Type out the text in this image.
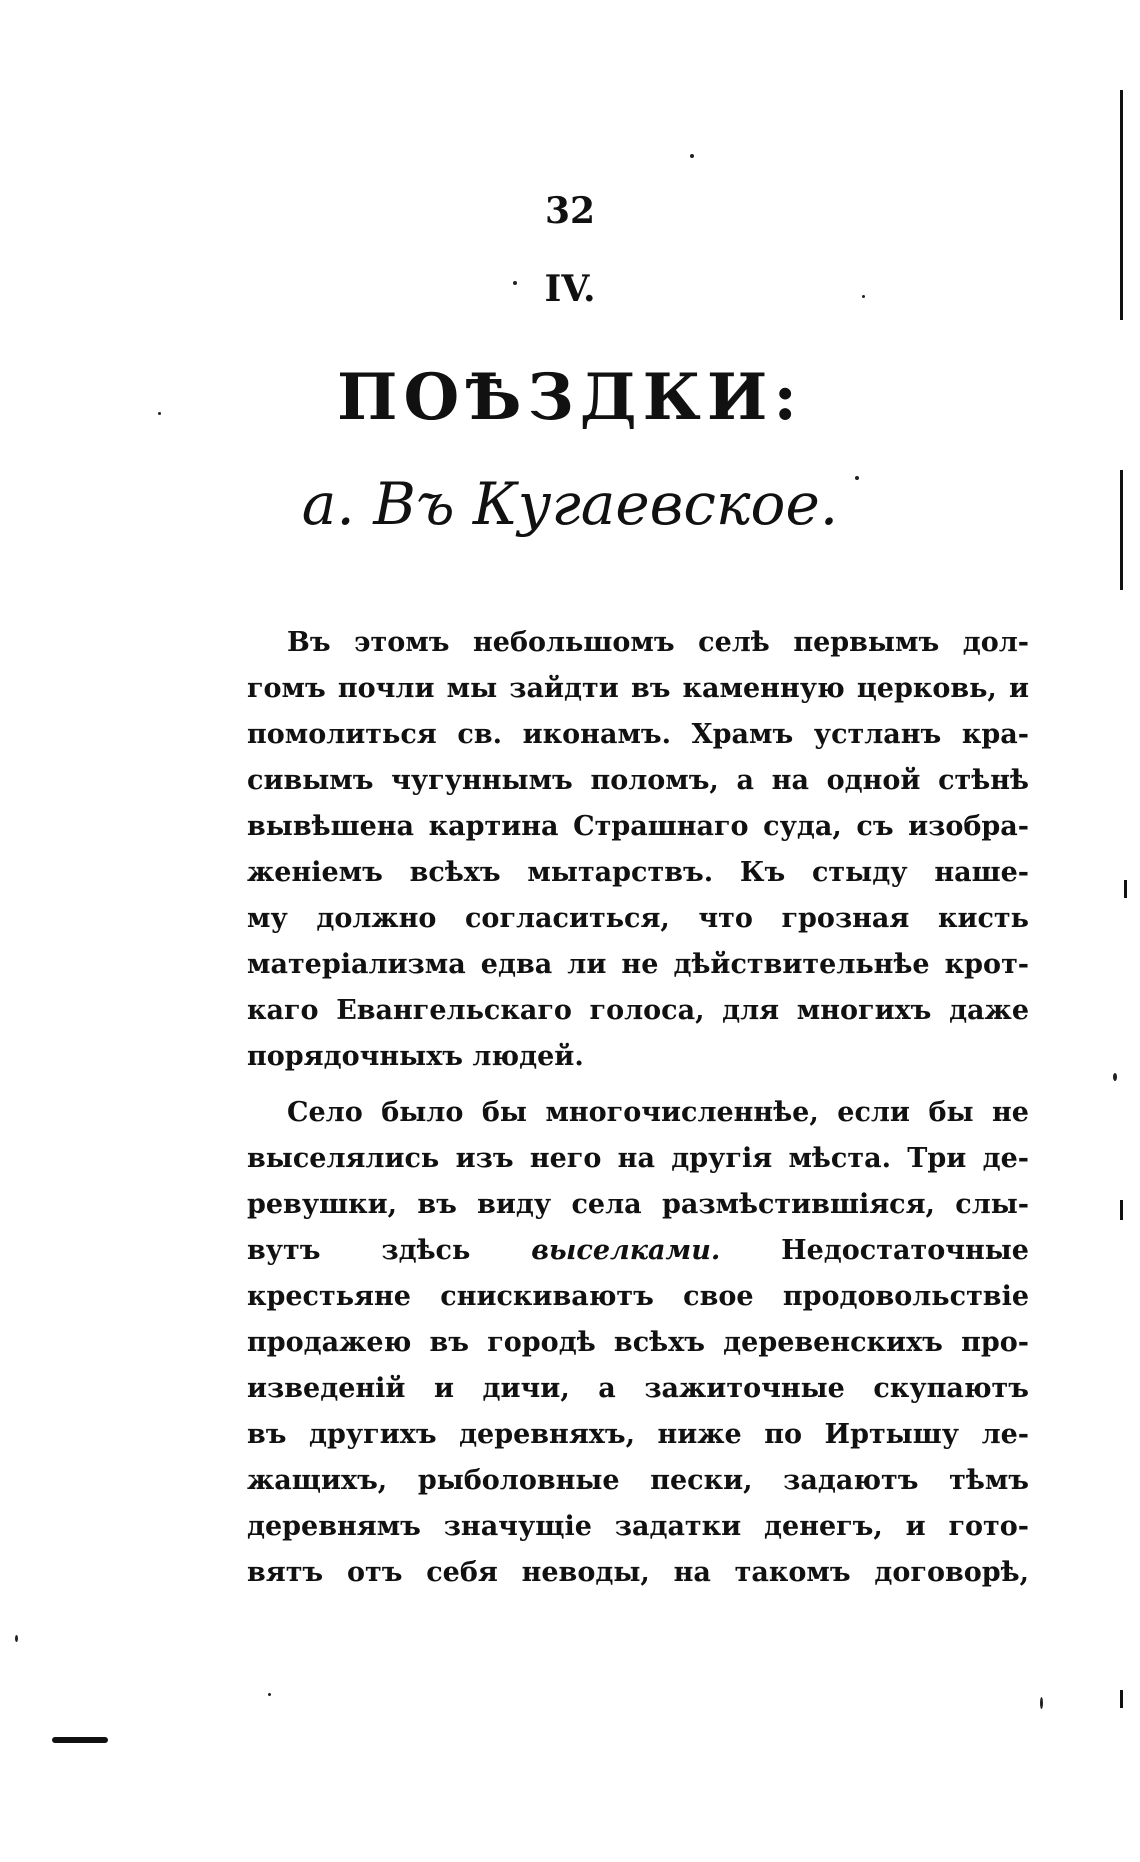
32
IV.
ПОѢЗДКИ:
а. Въ Кугаевское.
Въ этомъ небольшомъ селѣ первымъ дол-
гомъ почли мы зайдти въ каменную церковь, и
помолиться св. иконамъ. Храмъ устланъ кра-
сивымъ чугуннымъ поломъ, а на одной стѣнѣ
вывѣшена картина Страшнаго суда, съ изобра-
женіемъ всѣхъ мытарствъ. Къ стыду наше-
му должно согласиться, что грозная кисть
матеріализма едва ли не дѣйствительнѣе крот-
каго Евангельскаго голоса, для многихъ даже
порядочныхъ людей.
Село было бы многочисленнѣе, если бы не
выселялись изъ него на другія мѣста. Три де-
ревушки, въ виду села размѣстившіяся, слы-
вутъ здѣсь выселками. Недостаточные
крестьяне снискиваютъ свое продовольствіе
продажею въ городѣ всѣхъ деревенскихъ про-
изведеній и дичи, а зажиточные скупаютъ
въ другихъ деревняхъ, ниже по Иртышу ле-
жащихъ, рыболовные пески, задаютъ тѣмъ
деревнямъ значущіе задатки денегъ, и гото-
вятъ отъ себя неводы, на такомъ договорѣ,
